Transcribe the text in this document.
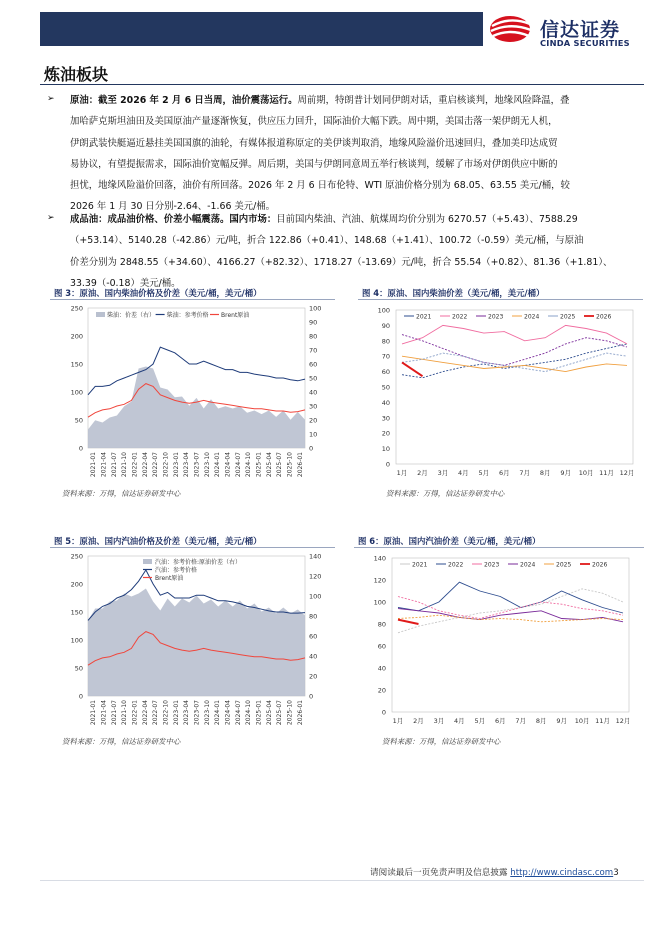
信达证券
CINDA SECURITIES
炼油板块
➢ 原油：截至 2026 年 2 月 6 日当周，油价震荡运行。周前期，特朗普计划同伊朗对话，重启核谈判，地缘风险降温，叠
加哈萨克斯坦油田及美国原油产量逐渐恢复，供应压力回升，国际油价大幅下跌。周中期，美国击落一架伊朗无人机，
伊朗武装快艇逼近悬挂美国国旗的油轮，有媒体报道称原定的美伊谈判取消，地缘风险溢价迅速回归，叠加美印达成贸
易协议，有望提振需求，国际油价宽幅反弹。周后期，美国与伊朗同意周五举行核谈判，缓解了市场对伊朗供应中断的
担忧，地缘风险溢价回落，油价有所回落。2026 年 2 月 6 日布伦特、WTI 原油价格分别为 68.05、63.55 美元/桶，较
2026 年 1 月 30 日分别-2.64、-1.66 美元/桶。
➢ 成品油：成品油价格、价差小幅震荡。国内市场：目前国内柴油、汽油、航煤周均价分别为 6270.57（+5.43）、7588.29
（+53.14）、5140.28（-42.86）元/吨，折合 122.86（+0.41）、148.68（+1.41）、100.72（-0.59）美元/桶，与原油
价差分别为 2848.55（+34.60）、4166.27（+82.32）、1718.27（-13.69）元/吨，折合 55.54（+0.82）、81.36（+1.81）、
33.39（-0.18）美元/桶。
图 3：原油、国内柴油价格及价差（美元/桶，美元/桶）	图 4：原油、国内柴油价差（美元/桶，美元/桶）
0
50
100
150
200
250
0
10
20
30
40
50
60
70
80
90
100
2021-01 2021-04 2021-07 2021-10 2022-01 2022-04 2022-07 2022-10 2023-01 2023-04 2023-07 2023-10 2024-01 2024-04 2024-07 2024-10 2025-01 2025-04 2025-07 2025-10 2026-01
柴油：价差（右） 柴油：参考价格 Brent原油
0
10
20
30
40
50
60
70
80
90
100
1月 2月 3月 4月 5月 6月 7月 8月 9月 10月 11月 12月
2021	2022	2023	2024	2025	2026
资料来源：万得，信达证券研发中心	资料来源：万得，信达证券研发中心
图 5：原油、国内汽油价格及价差（美元/桶，美元/桶）	图 6：原油、国内汽油价差（美元/桶，美元/桶）
0
50
100
150
200
250
0
20
40
60
80
100
120
140
2021-01 2021-04 2021-07 2021-10 2022-01 2022-04 2022-07 2022-10 2023-01 2023-04 2023-07 2023-10 2024-01 2024-04 2024-07 2024-10 2025-01 2025-04 2025-07 2025-10 2026-01
汽油：参考价格:原油价差（右）
汽油：参考价格
Brent原油
0
20
40
60
80
100
120
140
1月 2月 3月 4月 5月 6月 7月 8月 9月 10月 11月 12月
2021	2022	2023	2024	2025	2026
资料来源：万得，信达证券研发中心	资料来源：万得，信达证券研发中心
请阅读最后一页免责声明及信息披露 http://www.cindasc.com3
